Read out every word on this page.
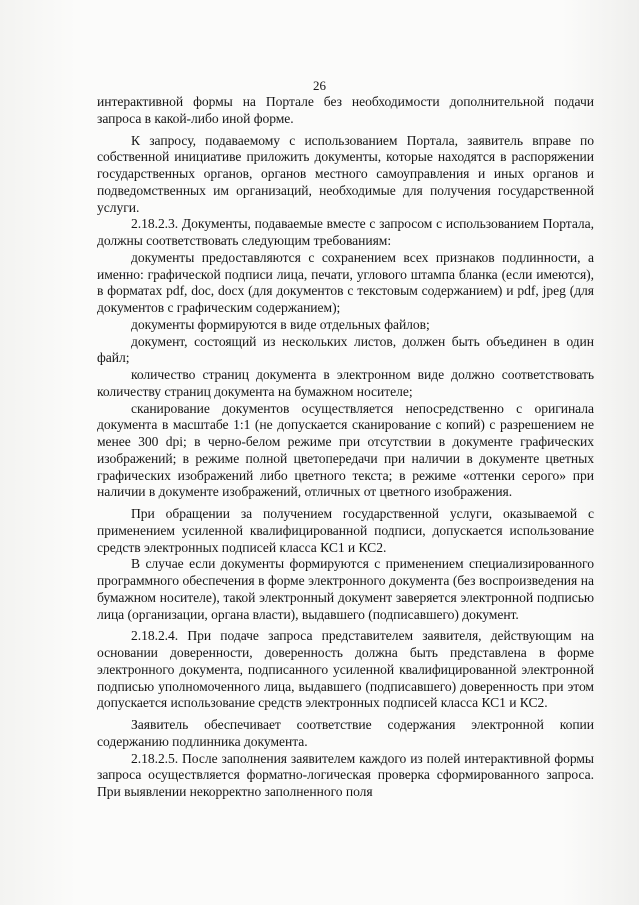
26

интерактивной формы на Портале без необходимости дополнительной подачи запроса в какой-либо иной форме.

К запросу, подаваемому с использованием Портала, заявитель вправе по собственной инициативе приложить документы, которые находятся в распоряжении государственных органов, органов местного самоуправления и иных органов и подведомственных им организаций, необходимые для получения государственной услуги.

2.18.2.3. Документы, подаваемые вместе с запросом с использованием Портала, должны соответствовать следующим требованиям:

документы предоставляются с сохранением всех признаков подлинности, а именно: графической подписи лица, печати, углового штампа бланка (если имеются), в форматах pdf, doc, docx (для документов с текстовым содержанием) и pdf, jpeg (для документов с графическим содержанием);

документы формируются в виде отдельных файлов;

документ, состоящий из нескольких листов, должен быть объединен в один файл;

количество страниц документа в электронном виде должно соответствовать количеству страниц документа на бумажном носителе;

сканирование документов осуществляется непосредственно с оригинала документа в масштабе 1:1 (не допускается сканирование с копий) с разрешением не менее 300 dpi; в черно-белом режиме при отсутствии в документе графических изображений; в режиме полной цветопередачи при наличии в документе цветных графических изображений либо цветного текста; в режиме «оттенки серого» при наличии в документе изображений, отличных от цветного изображения.

При обращении за получением государственной услуги, оказываемой с применением усиленной квалифицированной подписи, допускается использование средств электронных подписей класса КС1 и КС2.

В случае если документы формируются с применением специализированного программного обеспечения в форме электронного документа (без воспроизведения на бумажном носителе), такой электронный документ заверяется электронной подписью лица (организации, органа власти), выдавшего (подписавшего) документ.

2.18.2.4. При подаче запроса представителем заявителя, действующим на основании доверенности, доверенность должна быть представлена в форме электронного документа, подписанного усиленной квалифицированной электронной подписью уполномоченного лица, выдавшего (подписавшего) доверенность при этом допускается использование средств электронных подписей класса КС1 и КС2.

Заявитель обеспечивает соответствие содержания электронной копии содержанию подлинника документа.

2.18.2.5. После заполнения заявителем каждого из полей интерактивной формы запроса осуществляется форматно-логическая проверка сформированного запроса. При выявлении некорректно заполненного поля
